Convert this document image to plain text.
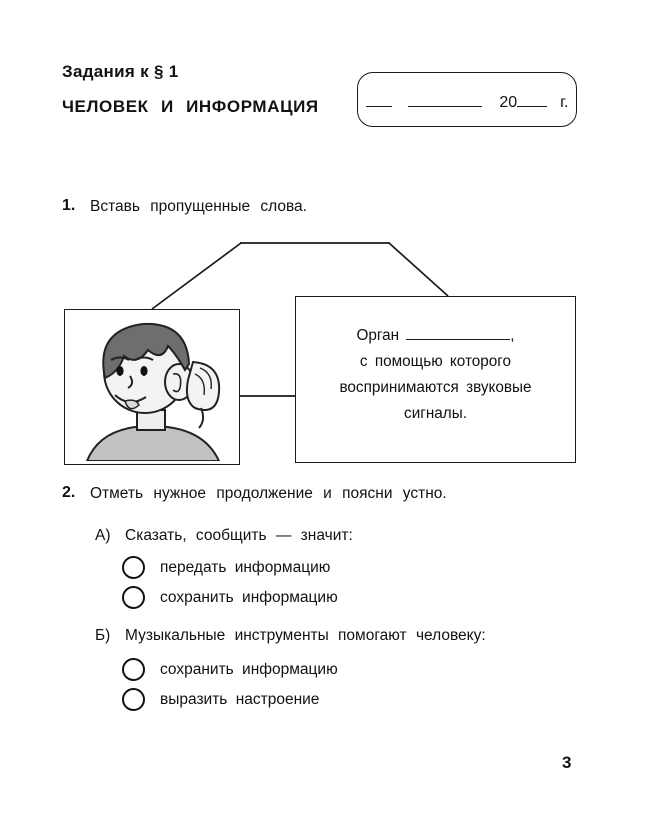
Задания к § 1
ЧЕЛОВЕК И ИНФОРМАЦИЯ	20	г.
1. Вставь пропущенные слова.
Орган	,
с помощью которого
воспринимаются звуковые
сигналы.
2. Отметь нужное продолжение и поясни устно.
А) Сказать, сообщить — значит:
передать информацию
сохранить информацию
Б) Музыкальные инструменты помогают человеку:
сохранить информацию
выразить настроение
3
